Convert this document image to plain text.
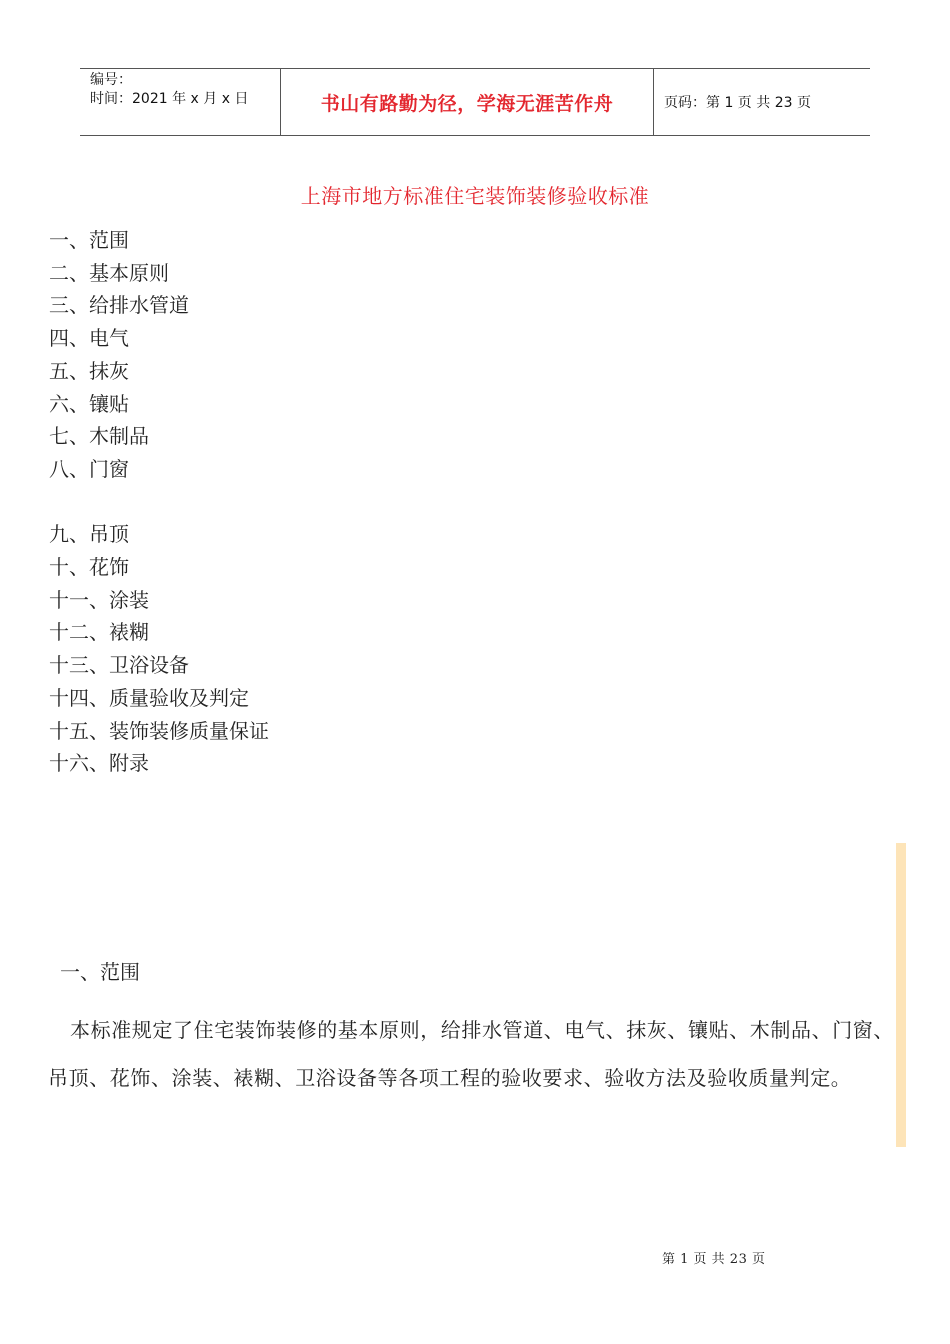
编号：
时间：2021 年 x 月 x 日	书山有路勤为径，学海无涯苦作舟	页码：第 1 页 共 23 页
上海市地方标准住宅装饰装修验收标准
一、范围
二、基本原则
三、给排水管道
四、电气
五、抹灰
六、镶贴
七、木制品
八、门窗
九、吊顶
十、花饰
十一、涂装
十二、裱糊
十三、卫浴设备
十四、质量验收及判定
十五、装饰装修质量保证
十六、附录
一、范围
本标准规定了住宅装饰装修的基本原则，给排水管道、电气、抹灰、镶贴、木制品、门窗、吊顶、花饰、涂装、裱糊、卫浴设备等各项工程的验收要求、验收方法及验收质量判定。
第 1 页 共 23 页
